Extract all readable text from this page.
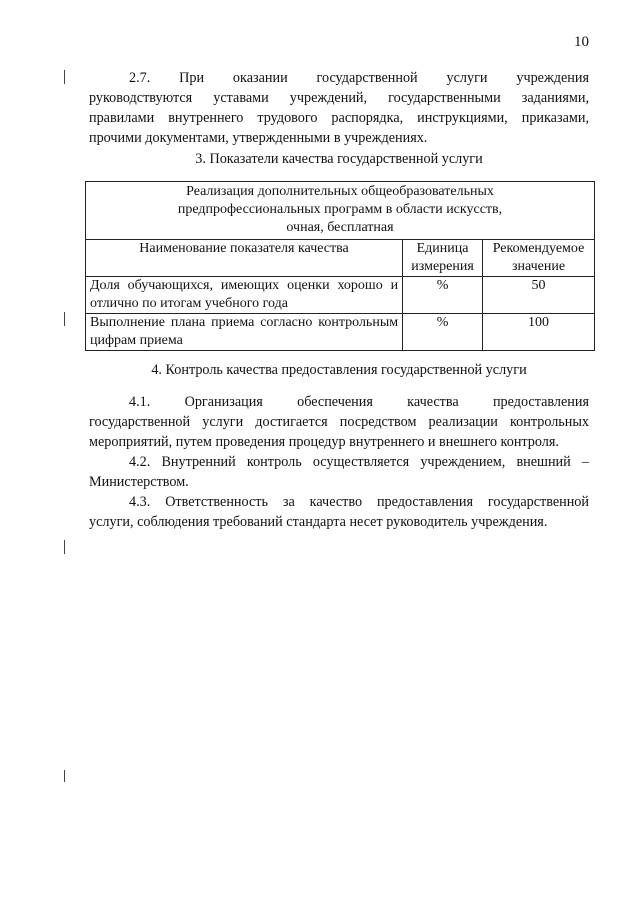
10
2.7. При оказании государственной услуги учреждения
руководствуются уставами учреждений, государственными заданиями,
правилами внутреннего трудового распорядка, инструкциями, приказами,
прочими документами, утвержденными в учреждениях.
3. Показатели качества государственной услуги
Реализация дополнительных общеобразовательных
предпрофессиональных программ в области искусств,
очная, бесплатная		

Наименование показателя качества	Единица измерения	Рекомендуемое значение
Доля обучающихся, имеющих оценки хорошо и отлично по итогам учебного года	%	50
Выполнение плана приема согласно контрольным цифрам приема	%	100
4. Контроль качества предоставления государственной услуги
4.1. Организация обеспечения качества предоставления
государственной услуги достигается посредством реализации контрольных
мероприятий, путем проведения процедур внутреннего и внешнего контроля.
4.2. Внутренний контроль осуществляется учреждением, внешний –
Министерством.
4.3. Ответственность за качество предоставления государственной
услуги, соблюдения требований стандарта несет руководитель учреждения.
